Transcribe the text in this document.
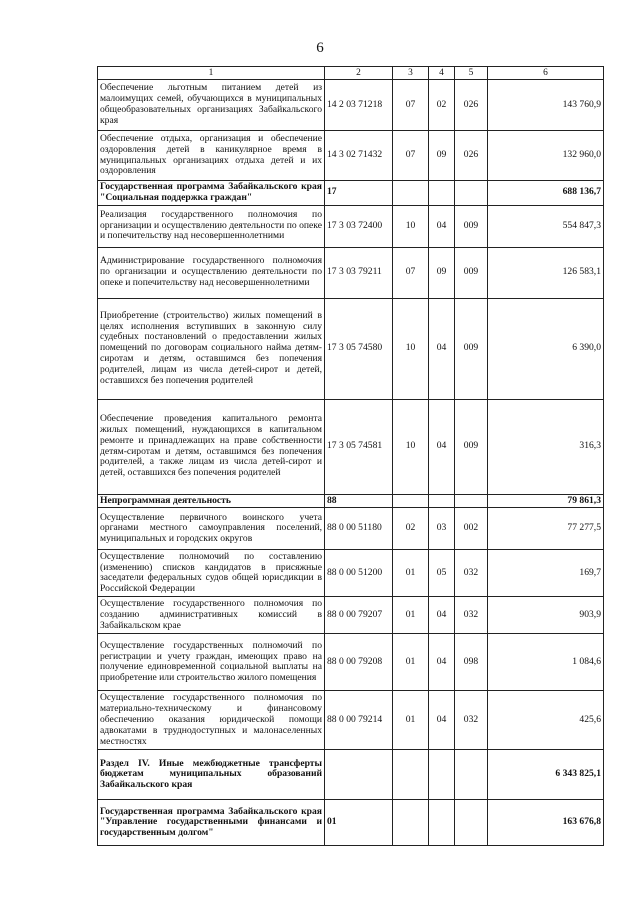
6
1	2	3	4	5	6
Обеспечение льготным питанием детей из малоимущих семей, обучающихся в муниципальных общеобразовательных организациях Забайкальского края	14 2 03 71218	07	02	026	143 760,9
Обеспечение отдыха, организация и обеспечение оздоровления детей в каникулярное время в муниципальных организациях отдыха детей и их оздоровления	14 3 02 71432	07	09	026	132 960,0
Государственная программа Забайкальского края "Социальная поддержка граждан"	17				688 136,7
Реализация государственного полномочия по организации и осуществлению деятельности по опеке и попечительству над несовершеннолетними	17 3 03 72400	10	04	009	554 847,3
Администрирование государственного полномочия по организации и осуществлению деятельности по опеке и попечительству над несовершеннолетними	17 3 03 79211	07	09	009	126 583,1
Приобретение (строительство) жилых помещений в целях исполнения вступивших в законную силу судебных постановлений о предоставлении жилых помещений по договорам социального найма детям-сиротам и детям, оставшимся без попечения родителей, лицам из числа детей-сирот и детей, оставшихся без попечения родителей	17 3 05 74580	10	04	009	6 390,0
Обеспечение проведения капитального ремонта жилых помещений, нуждающихся в капитальном ремонте и принадлежащих на праве собственности детям-сиротам и детям, оставшимся без попечения родителей, а также лицам из числа детей-сирот и детей, оставшихся без попечения родителей	17 3 05 74581	10	04	009	316,3
Непрограммная деятельность	88				79 861,3
Осуществление первичного воинского учета органами местного самоуправления поселений, муниципальных и городских округов	88 0 00 51180	02	03	002	77 277,5
Осуществление полномочий по составлению (изменению) списков кандидатов в присяжные заседатели федеральных судов общей юрисдикции в Российской Федерации	88 0 00 51200	01	05	032	169,7
Осуществление государственного полномочия по созданию административных комиссий в Забайкальском крае	88 0 00 79207	01	04	032	903,9
Осуществление государственных полномочий по регистрации и учету граждан, имеющих право на получение единовременной социальной выплаты на приобретение или строительство жилого помещения	88 0 00 79208	01	04	098	1 084,6
Осуществление государственного полномочия по материально-техническому и финансовому обеспечению оказания юридической помощи адвокатами в труднодоступных и малонаселенных местностях	88 0 00 79214	01	04	032	425,6
Раздел IV. Иные межбюджетные трансферты бюджетам муниципальных образований Забайкальского края					6 343 825,1
Государственная программа Забайкальского края "Управление государственными финансами и государственным долгом"	01				163 676,8
